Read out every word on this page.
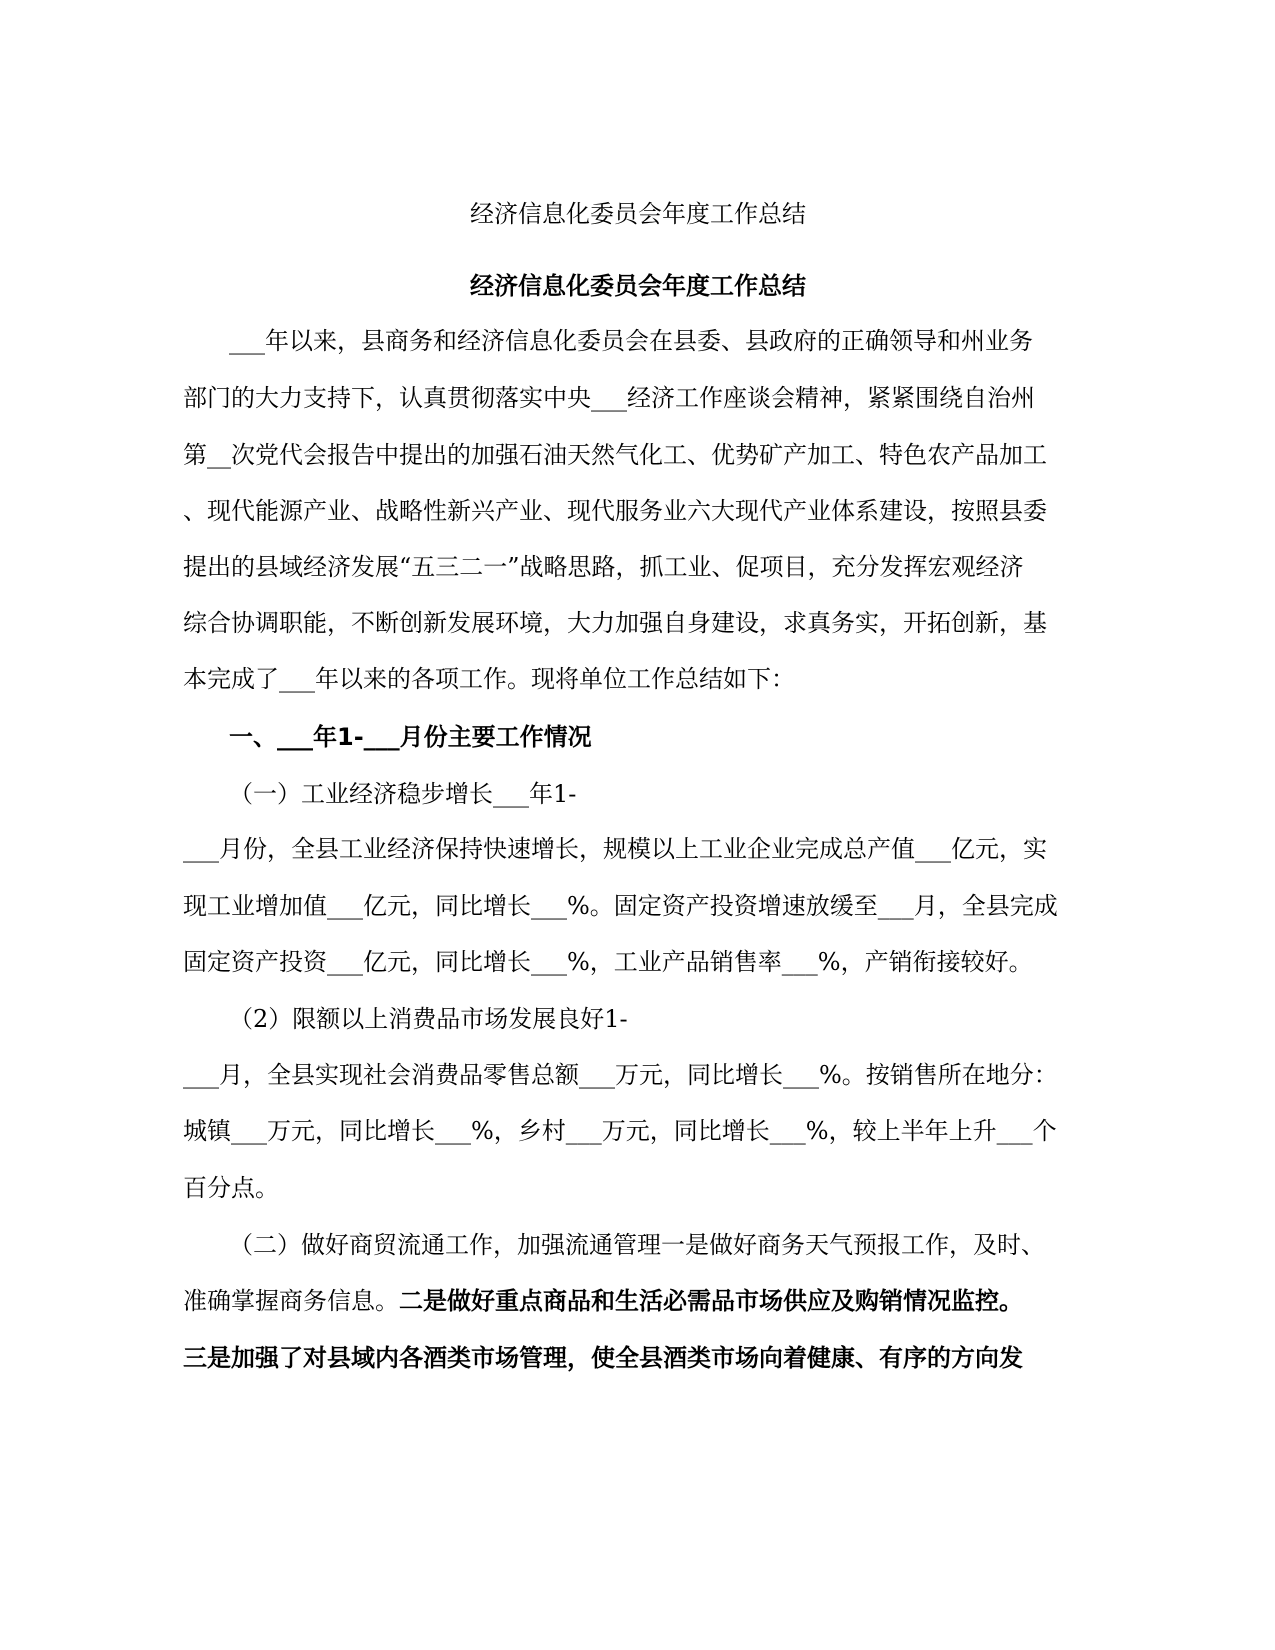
经济信息化委员会年度工作总结
经济信息化委员会年度工作总结
___年以来，县商务和经济信息化委员会在县委、县政府的正确领导和州业务
部门的大力支持下，认真贯彻落实中央___经济工作座谈会精神，紧紧围绕自治州
第__次党代会报告中提出的加强石油天然气化工、优势矿产加工、特色农产品加工
、现代能源产业、战略性新兴产业、现代服务业六大现代产业体系建设，按照县委
提出的县域经济发展“五三二一”战略思路，抓工业、促项目，充分发挥宏观经济
综合协调职能，不断创新发展环境，大力加强自身建设，求真务实，开拓创新，基
本完成了___年以来的各项工作。现将单位工作总结如下：
一、___年1-___月份主要工作情况
（一）工业经济稳步增长___年1-
___月份，全县工业经济保持快速增长，规模以上工业企业完成总产值___亿元，实
现工业增加值___亿元，同比增长___%。固定资产投资增速放缓至___月，全县完成
固定资产投资___亿元，同比增长___%，工业产品销售率___%，产销衔接较好。
（2）限额以上消费品市场发展良好1-
___月，全县实现社会消费品零售总额___万元，同比增长___%。按销售所在地分：
城镇___万元，同比增长___%，乡村___万元，同比增长___%，较上半年上升___个
百分点。
（二）做好商贸流通工作，加强流通管理一是做好商务天气预报工作，及时、
准确掌握商务信息。二是做好重点商品和生活必需品市场供应及购销情况监控。
三是加强了对县域内各酒类市场管理，使全县酒类市场向着健康、有序的方向发
